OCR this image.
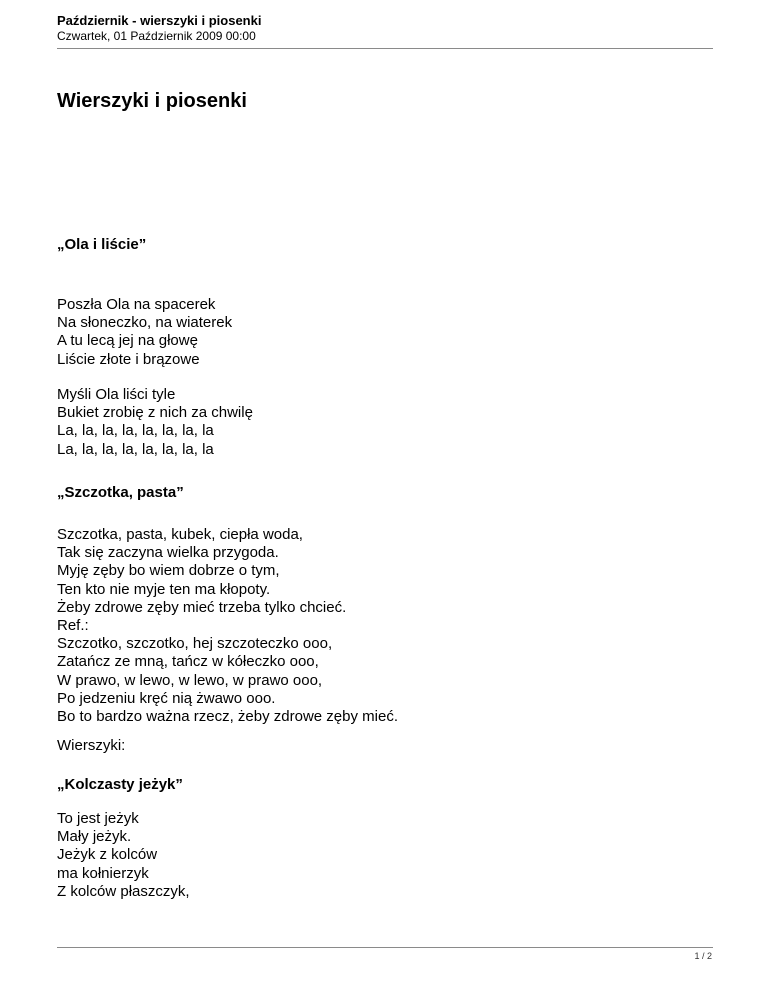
Październik - wierszyki i piosenki
Czwartek, 01 Październik 2009 00:00
Wierszyki i piosenki
„Ola i liście”
Poszła Ola na spacerek
Na słoneczko, na wiaterek
A tu lecą jej na głowę
Liście złote i brązowe
Myśli Ola liści tyle
Bukiet zrobię z nich za chwilę
La, la, la, la, la, la, la, la
La, la, la, la, la, la, la, la
„Szczotka, pasta”
Szczotka, pasta, kubek, ciepła woda,
Tak się zaczyna wielka przygoda.
Myję zęby bo wiem dobrze o tym,
Ten kto nie myje ten ma kłopoty.
Żeby zdrowe zęby mieć trzeba tylko chcieć.
Ref.:
Szczotko, szczotko, hej szczoteczko ooo,
Zatańcz ze mną, tańcz w kółeczko ooo,
W prawo, w lewo, w lewo, w prawo ooo,
Po jedzeniu kręć nią żwawo ooo.
Bo to bardzo ważna rzecz, żeby zdrowe zęby mieć.
Wierszyki:
„Kolczasty jeżyk”
To jest jeżyk
Mały jeżyk.
Jeżyk z kolców
ma kołnierzyk
Z kolców płaszczyk,
1 / 2
